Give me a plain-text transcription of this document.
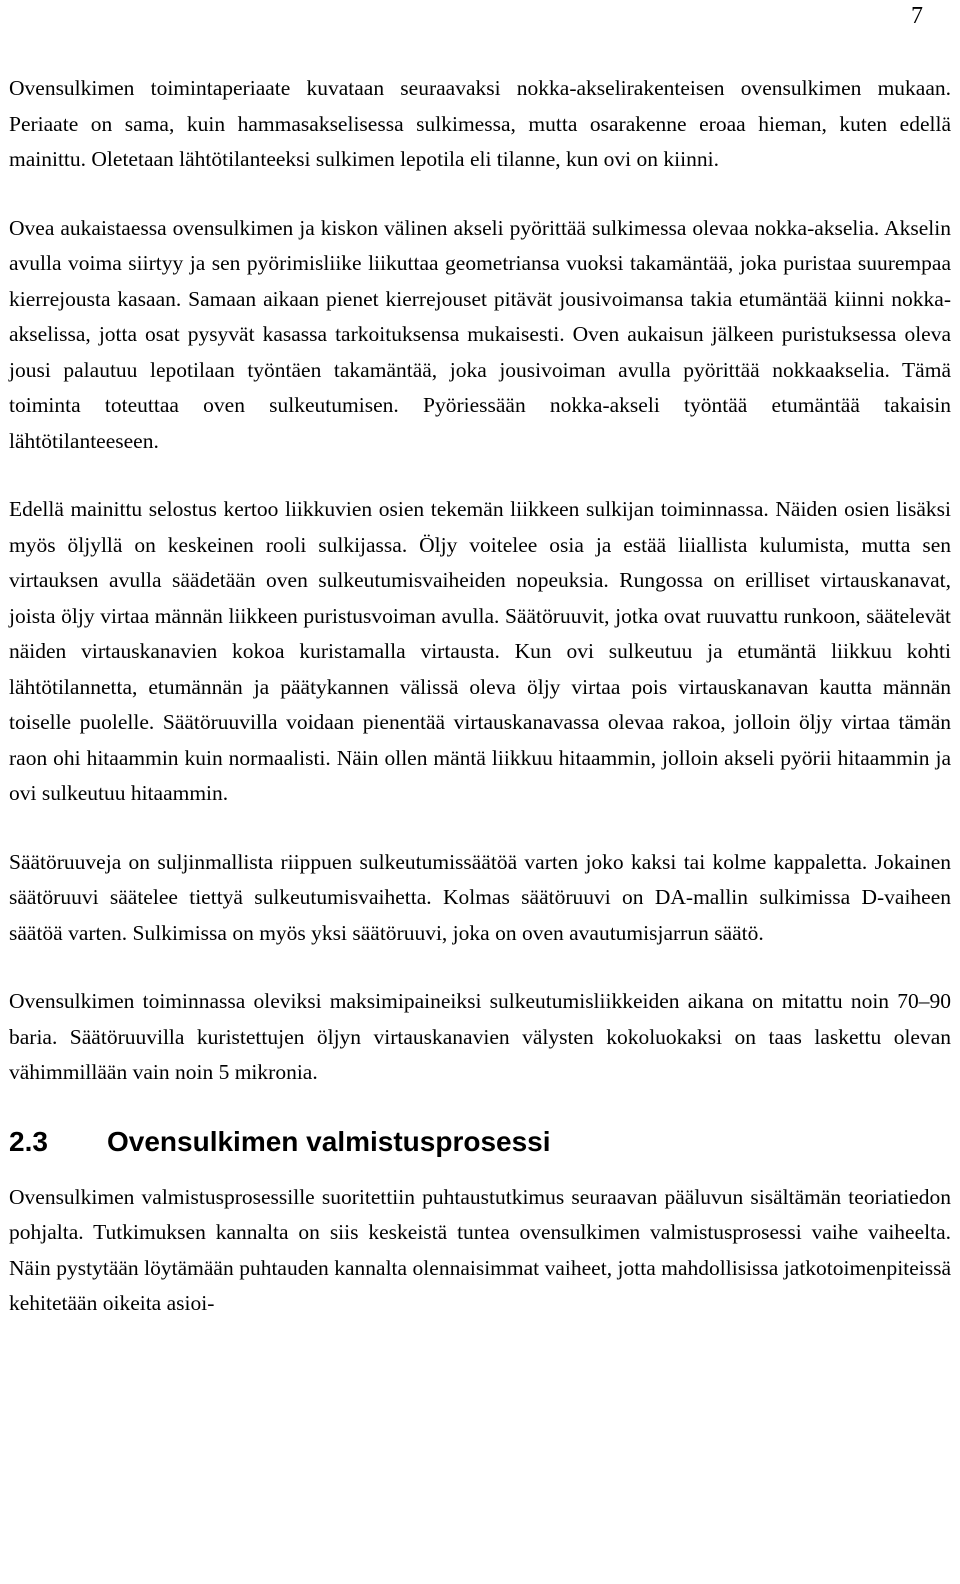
7

Ovensulkimen toimintaperiaate kuvataan seuraavaksi nokka-akselirakenteisen ovensulkimen mukaan. Periaate on sama, kuin hammasakselisessa sulkimessa, mutta osarakenne eroaa hieman, kuten edellä mainittu. Oletetaan lähtötilanteeksi sulkimen lepotila eli tilanne, kun ovi on kiinni.

Ovea aukaistaessa ovensulkimen ja kiskon välinen akseli pyörittää sulkimessa olevaa nokka-akselia. Akselin avulla voima siirtyy ja sen pyörimisliike liikuttaa geometriansa vuoksi takamäntää, joka puristaa suurempaa kierrejousta kasaan. Samaan aikaan pienet kierrejouset pitävät jousivoimansa takia etumäntää kiinni nokka-akselissa, jotta osat pysyvät kasassa tarkoituksensa mukaisesti. Oven aukaisun jälkeen puristuksessa oleva jousi palautuu lepotilaan työntäen takamäntää, joka jousivoiman avulla pyörittää nokkaakselia. Tämä toiminta toteuttaa oven sulkeutumisen. Pyöriessään nokka-akseli työntää etumäntää takaisin lähtötilanteeseen.

Edellä mainittu selostus kertoo liikkuvien osien tekemän liikkeen sulkijan toiminnassa. Näiden osien lisäksi myös öljyllä on keskeinen rooli sulkijassa. Öljy voitelee osia ja estää liiallista kulumista, mutta sen virtauksen avulla säädetään oven sulkeutumisvaiheiden nopeuksia. Rungossa on erilliset virtauskanavat, joista öljy virtaa männän liikkeen puristusvoiman avulla. Säätöruuvit, jotka ovat ruuvattu runkoon, säätelevät näiden virtauskanavien kokoa kuristamalla virtausta. Kun ovi sulkeutuu ja etumäntä liikkuu kohti lähtötilannetta, etumännän ja päätykannen välissä oleva öljy virtaa pois virtauskanavan kautta männän toiselle puolelle. Säätöruuvilla voidaan pienentää virtauskanavassa olevaa rakoa, jolloin öljy virtaa tämän raon ohi hitaammin kuin normaalisti. Näin ollen mäntä liikkuu hitaammin, jolloin akseli pyörii hitaammin ja ovi sulkeutuu hitaammin.

Säätöruuveja on suljinmallista riippuen sulkeutumissäätöä varten joko kaksi tai kolme kappaletta. Jokainen säätöruuvi säätelee tiettyä sulkeutumisvaihetta. Kolmas säätöruuvi on DA-mallin sulkimissa D-vaiheen säätöä varten. Sulkimissa on myös yksi säätöruuvi, joka on oven avautumisjarrun säätö.

Ovensulkimen toiminnassa oleviksi maksimipaineiksi sulkeutumisliikkeiden aikana on mitattu noin 70–90 baria. Säätöruuvilla kuristettujen öljyn virtauskanavien välysten kokoluokaksi on taas laskettu olevan vähimmillään vain noin 5 mikronia.

2.3	Ovensulkimen valmistusprosessi

Ovensulkimen valmistusprosessille suoritettiin puhtaustutkimus seuraavan pääluvun sisältämän teoriatiedon pohjalta. Tutkimuksen kannalta on siis keskeistä tuntea ovensulkimen valmistusprosessi vaihe vaiheelta. Näin pystytään löytämään puhtauden kannalta olennaisimmat vaiheet, jotta mahdollisissa jatkotoimenpiteissä kehitetään oikeita asioi-
